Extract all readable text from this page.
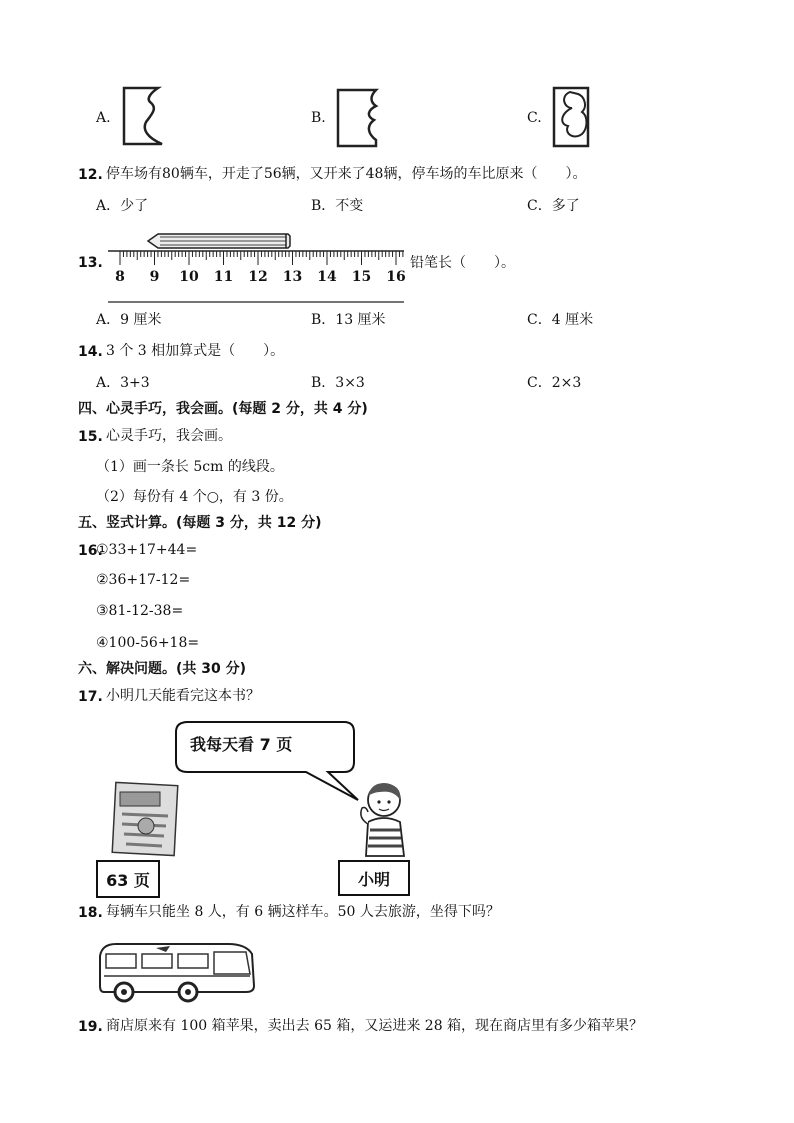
A.	B.	C.
12. 停车场有80辆车，开走了56辆，又开来了48辆，停车场的车比原来（　　）。
A．少了	B．不变	C．多了
13.
8 9 10 11 12 13 14 15 16
铅笔长（　　）。
A．9 厘米	B．13 厘米	C．4 厘米
14. 3 个 3 相加算式是（　　）。
A．3+3	B．3×3	C．2×3
四、心灵手巧，我会画。(每题 2 分，共 4 分)
15. 心灵手巧，我会画。
（1）画一条长 5cm 的线段。
（2）每份有 4 个○，有 3 份。
五、竖式计算。(每题 3 分，共 12 分)
16.
①33+17+44=
②36+17-12=
③81-12-38=
④100-56+18=
六、解决问题。(共 30 分)
17. 小明几天能看完这本书？
我每天看 7 页
63 页	小明
18. 每辆车只能坐 8 人，有 6 辆这样车。50 人去旅游，坐得下吗？
19. 商店原来有 100 箱苹果，卖出去 65 箱，又运进来 28 箱，现在商店里有多少箱苹果？
